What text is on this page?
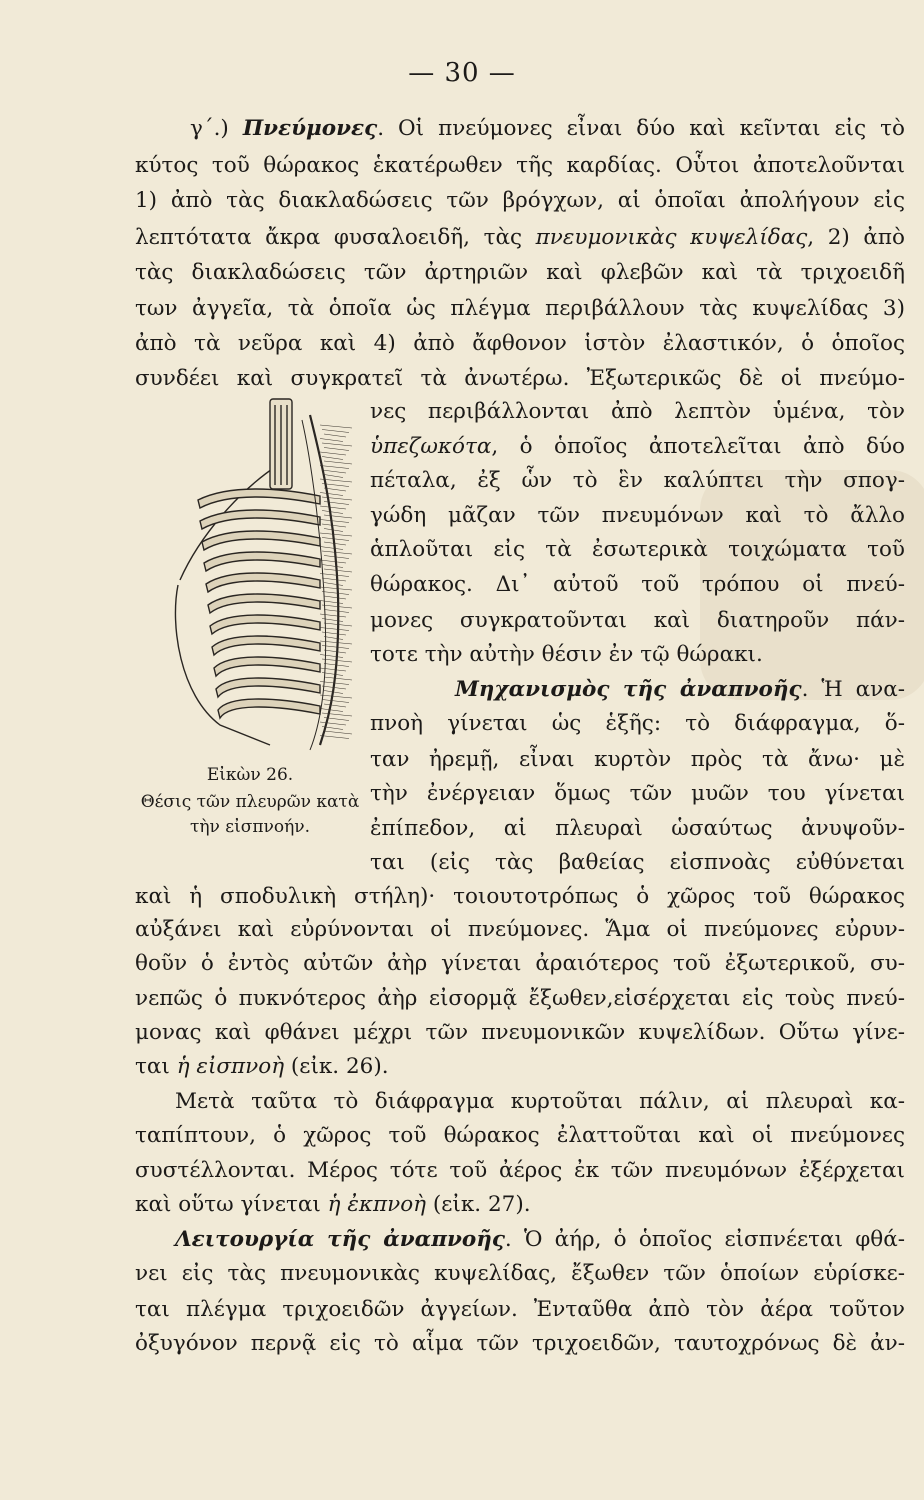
— 30 —
γ΄.) Πνεύμονες. Οἱ πνεύμονες εἶναι δύο καὶ κεῖνται εἰς τὸ
κύτος τοῦ θώρακος ἑκατέρωθεν τῆς καρδίας. Οὗτοι ἀποτελοῦνται
1) ἀπὸ τὰς διακλαδώσεις τῶν βρόγχων, αἱ ὁποῖαι ἀπολήγουν εἰς
λεπτότατα ἄκρα φυσαλοειδῆ, τὰς πνευμονικὰς κυψελίδας, 2) ἀπὸ
τὰς διακλαδώσεις τῶν ἀρτηριῶν καὶ φλεβῶν καὶ τὰ τριχοειδῆ
των ἀγγεῖα, τὰ ὁποῖα ὡς πλέγμα περιβάλλουν τὰς κυψελίδας 3)
ἀπὸ τὰ νεῦρα καὶ 4) ἀπὸ ἄφθονον ἱστὸν ἐλαστικόν, ὁ ὁποῖος
συνδέει καὶ συγκρατεῖ τὰ ἀνωτέρω. Ἐξωτερικῶς δὲ οἱ πνεύμο-
νες περιβάλλονται ἀπὸ λεπτὸν ὑμένα, τὸν
ὑπεζωκότα, ὁ ὁποῖος ἀποτελεῖται ἀπὸ δύο
πέταλα, ἐξ ὧν τὸ ἓν καλύπτει τὴν σπογ-
γώδη μᾶζαν τῶν πνευμόνων καὶ τὸ ἄλλο
ἁπλοῦται εἰς τὰ ἐσωτερικὰ τοιχώματα τοῦ
θώρακος. Δι᾽ αὐτοῦ τοῦ τρόπου οἱ πνεύ-
μονες συγκρατοῦνται καὶ διατηροῦν πάν-
τοτε τὴν αὐτὴν θέσιν ἐν τῷ θώρακι.
Μηχανισμὸς τῆς ἀναπνοῆς. Ἡ ανα-
πνοὴ γίνεται ὡς ἑξῆς: τὸ διάφραγμα, ὅ-
ταν ἠρεμῇ, εἶναι κυρτὸν πρὸς τὰ ἄνω· μὲ
τὴν ἐνέργειαν ὅμως τῶν μυῶν του γίνεται
ἐπίπεδον, αἱ πλευραὶ ὡσαύτως ἀνυψοῦν-
ται (εἰς τὰς βαθείας εἰσπνοὰς εὐθύνεται
καὶ ἡ σποδυλικὴ στήλη)· τοιουτοτρόπως ὁ χῶρος τοῦ θώρακος
αὐξάνει καὶ εὐρύνονται οἱ πνεύμονες. Ἅμα οἱ πνεύμονες εὐρυν-
θοῦν ὁ ἐντὸς αὐτῶν ἀὴρ γίνεται ἀραιότερος τοῦ ἐξωτερικοῦ, συ-
νεπῶς ὁ πυκνότερος ἀὴρ εἰσορμᾷ ἔξωθεν,εἰσέρχεται εἰς τοὺς πνεύ-
μονας καὶ φθάνει μέχρι τῶν πνευμονικῶν κυψελίδων. Οὕτω γίνε-
ται ἡ εἰσπνοὴ (εἰκ. 26).
Μετὰ ταῦτα τὸ διάφραγμα κυρτοῦται πάλιν, αἱ πλευραὶ κα-
ταπίπτουν, ὁ χῶρος τοῦ θώρακος ἐλαττοῦται καὶ οἱ πνεύμονες
συστέλλονται. Μέρος τότε τοῦ ἀέρος ἐκ τῶν πνευμόνων ἐξέρχεται
καὶ οὕτω γίνεται ἡ ἐκπνοὴ (εἰκ. 27).
Λειτουργία τῆς ἀναπνοῆς. Ὁ ἀήρ, ὁ ὁποῖος εἰσπνέεται φθά-
νει εἰς τὰς πνευμονικὰς κυψελίδας, ἔξωθεν τῶν ὁποίων εὑρίσκε-
ται πλέγμα τριχοειδῶν ἀγγείων. Ἐνταῦθα ἀπὸ τὸν ἀέρα τοῦτον
ὀξυγόνον περνᾷ εἰς τὸ αἷμα τῶν τριχοειδῶν, ταυτοχρόνως δὲ ἀν-
Εἰκὼν 26.
Θέσις τῶν πλευρῶν κατὰ
τὴν εἰσπνοήν.
